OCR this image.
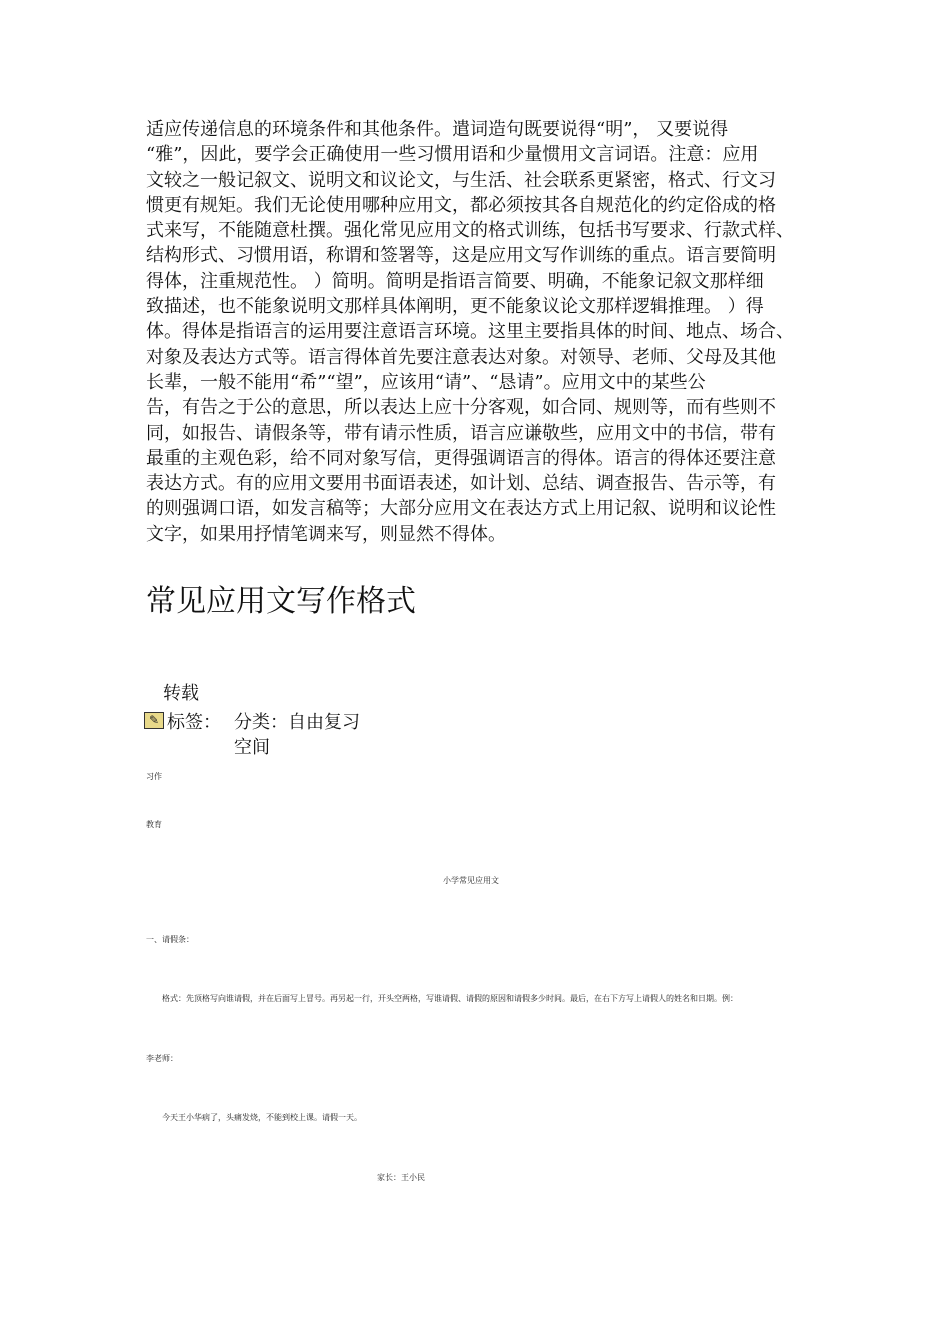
适应传递信息的环境条件和其他条件。遣词造句既要说得“明”， 又要说得
“雅”，因此，要学会正确使用一些习惯用语和少量惯用文言词语。注意：应用
文较之一般记叙文、说明文和议论文，与生活、社会联系更紧密，格式、行文习
惯更有规矩。我们无论使用哪种应用文，都必须按其各自规范化的约定俗成的格
式来写，不能随意杜撰。强化常见应用文的格式训练，包括书写要求、行款式样、
结构形式、习惯用语，称谓和签署等，这是应用文写作训练的重点。语言要简明
得体，注重规范性。 ）简明。简明是指语言简要、明确，不能象记叙文那样细
致描述，也不能象说明文那样具体阐明，更不能象议论文那样逻辑推理。 ）得
体。得体是指语言的运用要注意语言环境。这里主要指具体的时间、地点、场合、
对象及表达方式等。语言得体首先要注意表达对象。对领导、老师、父母及其他
长辈，一般不能用“希”“望”，应该用“请”、“恳请”。应用文中的某些公
告，有告之于公的意思，所以表达上应十分客观，如合同、规则等，而有些则不
同，如报告、请假条等，带有请示性质，语言应谦敬些，应用文中的书信，带有
最重的主观色彩，给不同对象写信，更得强调语言的得体。语言的得体还要注意
表达方式。有的应用文要用书面语表述，如计划、总结、调查报告、告示等，有
的则强调口语，如发言稿等；大部分应用文在表达方式上用记叙、说明和议论性
文字，如果用抒情笔调来写，则显然不得体。
常见应用文写作格式
转载
✎ 标签： 分类：自由复习
空间
习作
教育
小学常见应用文
一、请假条：
格式：先顶格写向谁请假，并在后面写上冒号。再另起一行，开头空两格，写谁请假、请假的原因和请假多少时间。最后，在右下方写上请假人的姓名和日期。例：
李老师：
今天王小华病了，头痛发烧，不能到校上课。请假一天。
家长：王小民
